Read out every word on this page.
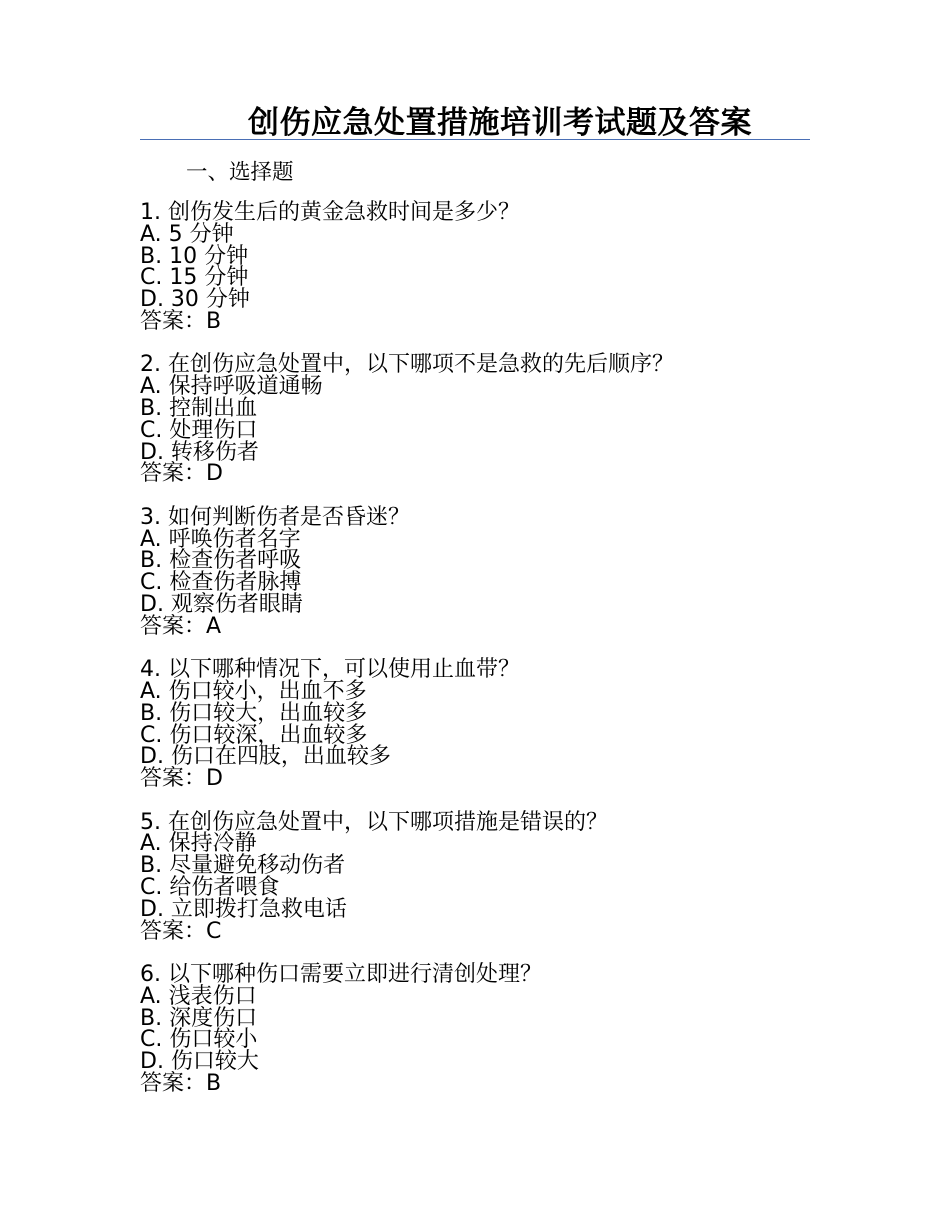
创伤应急处置措施培训考试题及答案
一、选择题
1. 创伤发生后的黄金急救时间是多少？
A. 5 分钟
B. 10 分钟
C. 15 分钟
D. 30 分钟
答案：B
2. 在创伤应急处置中，以下哪项不是急救的先后顺序？
A. 保持呼吸道通畅
B. 控制出血
C. 处理伤口
D. 转移伤者
答案：D
3. 如何判断伤者是否昏迷？
A. 呼唤伤者名字
B. 检查伤者呼吸
C. 检查伤者脉搏
D. 观察伤者眼睛
答案：A
4. 以下哪种情况下，可以使用止血带？
A. 伤口较小，出血不多
B. 伤口较大，出血较多
C. 伤口较深，出血较多
D. 伤口在四肢，出血较多
答案：D
5. 在创伤应急处置中，以下哪项措施是错误的？
A. 保持冷静
B. 尽量避免移动伤者
C. 给伤者喂食
D. 立即拨打急救电话
答案：C
6. 以下哪种伤口需要立即进行清创处理？
A. 浅表伤口
B. 深度伤口
C. 伤口较小
D. 伤口较大
答案：B
